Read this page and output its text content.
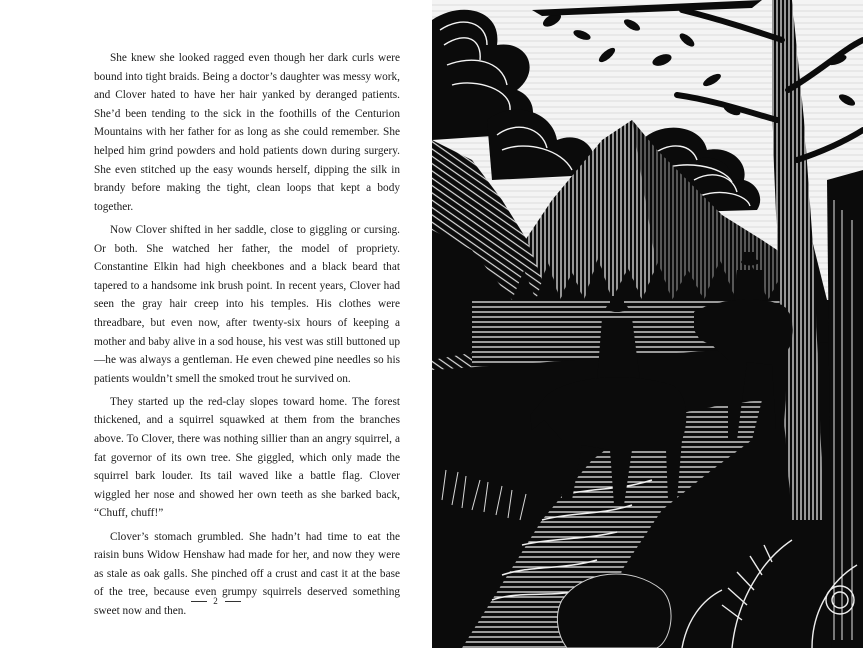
She knew she looked ragged even though her dark curls were bound into tight braids. Being a doctor’s daughter was messy work, and Clover hated to have her hair yanked by deranged patients. She’d been tending to the sick in the foothills of the Centurion Mountains with her father for as long as she could remember. She helped him grind powders and hold patients down during surgery. She even stitched up the easy wounds herself, dipping the silk in brandy before making the tight, clean loops that kept a body together.

Now Clover shifted in her saddle, close to giggling or cursing. Or both. She watched her father, the model of propriety. Constantine Elkin had high cheekbones and a black beard that tapered to a handsome ink brush point. In recent years, Clover had seen the gray hair creep into his temples. His clothes were threadbare, but even now, after twenty-six hours of keeping a mother and baby alive in a sod house, his vest was still buttoned up—he was always a gentleman. He even chewed pine needles so his patients wouldn’t smell the smoked trout he survived on.

They started up the red-clay slopes toward home. The forest thickened, and a squirrel squawked at them from the branches above. To Clover, there was nothing sillier than an angry squirrel, a fat governor of its own tree. She giggled, which only made the squirrel bark louder. Its tail waved like a battle flag. Clover wiggled her nose and showed her own teeth as she barked back, “Chuff, chuff!”

Clover’s stomach grumbled. She hadn’t had time to eat the raisin buns Widow Henshaw had made for her, and now they were as stale as oak galls. She pinched off a crust and cast it at the base of the tree, because even grumpy squirrels deserved something sweet now and then.

2
